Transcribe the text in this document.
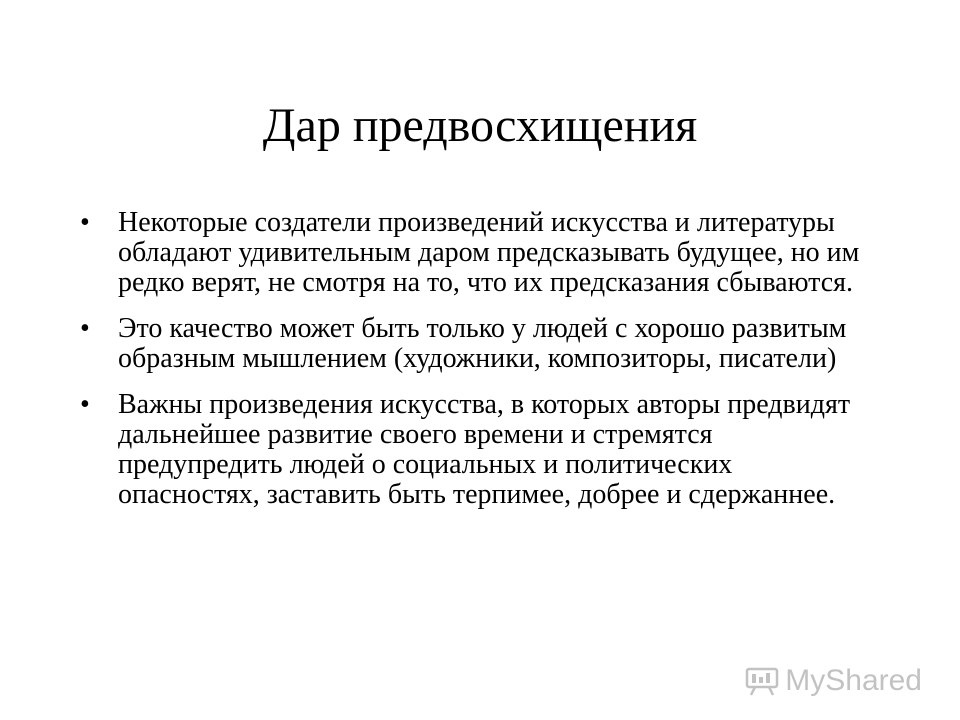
Дар предвосхищения
•	Некоторые создатели произведений искусства и литературы обладают удивительным даром предсказывать будущее, но им редко верят, не смотря на то, что их предсказания сбываются.
•	Это качество может быть только у людей с хорошо развитым образным мышлением (художники, композиторы, писатели)
•	Важны произведения искусства, в которых авторы предвидят дальнейшее развитие своего времени и стремятся предупредить людей о социальных и политических опасностях, заставить быть терпимее, добрее и сдержаннее.
MyShared
